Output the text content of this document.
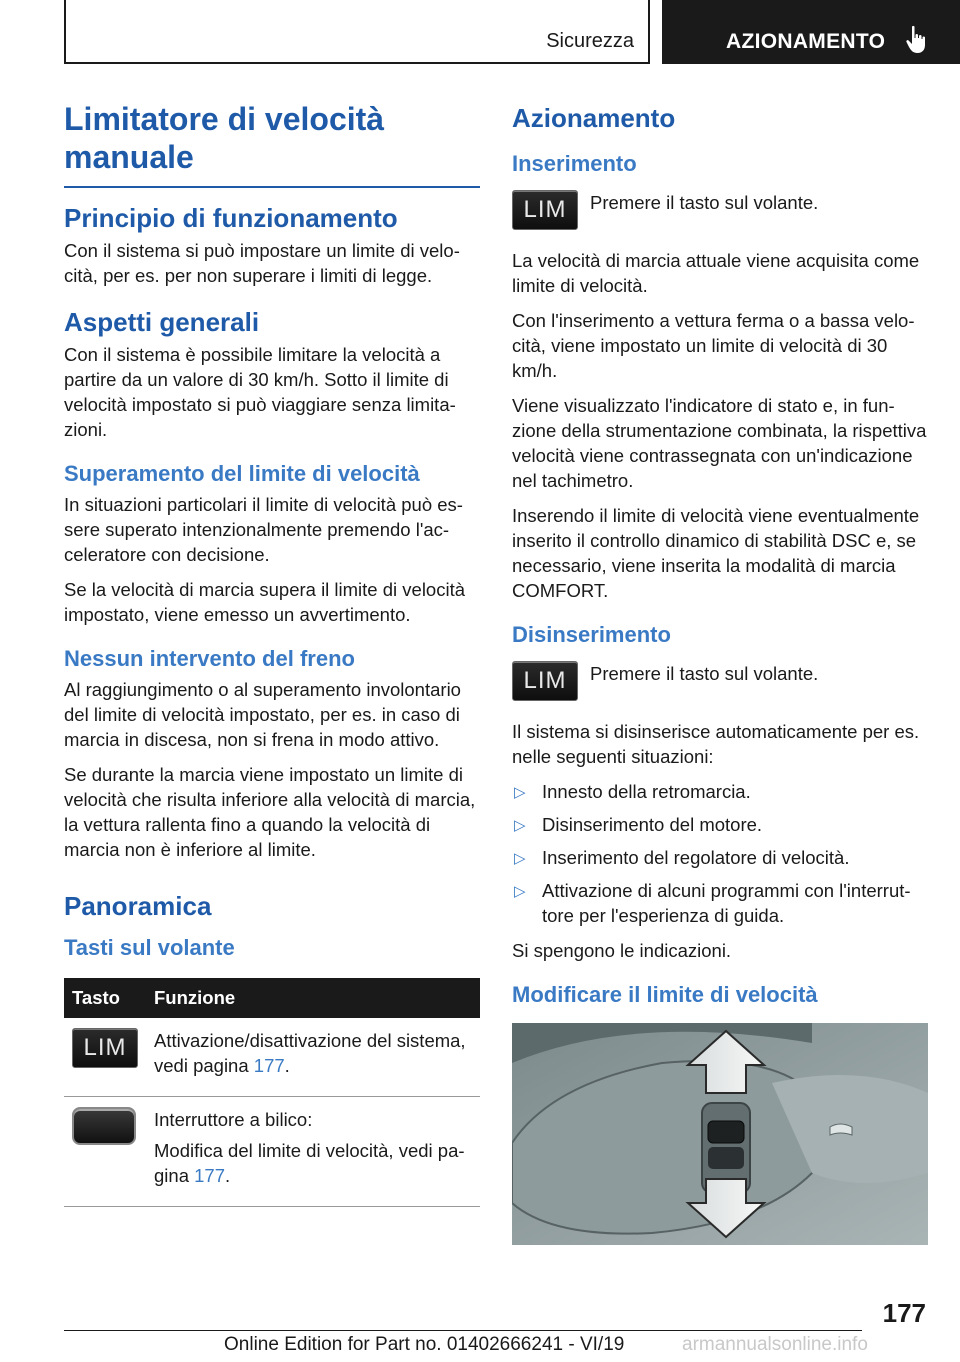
Sicurezza	AZIONAMENTO
Limitatore di velocità
manuale
Principio di funzionamento

Con il sistema si può impostare un limite di velocità, per es. per non superare i limiti di legge.

Aspetti generali

Con il sistema è possibile limitare la velocità a partire da un valore di 30 km/h. Sotto il limite di velocità impostato si può viaggiare senza limitazioni.

Superamento del limite di velocità

In situazioni particolari il limite di velocità può essere superato intenzionalmente premendo l'acceleratore con decisione.

Se la velocità di marcia supera il limite di velocità impostato, viene emesso un avvertimento.

Nessun intervento del freno

Al raggiungimento o al superamento involontario del limite di velocità impostato, per es. in caso di marcia in discesa, non si frena in modo attivo.

Se durante la marcia viene impostato un limite di velocità che risulta inferiore alla velocità di marcia, la vettura rallenta fino a quando la velocità di marcia non è inferiore al limite.

Panoramica
Tasti sul volante
Tasto	Funzione

LIM	Attivazione/disattivazione del sistema, vedi pagina 177.

	Interruttore a bilico:

Modifica del limite di velocità, vedi pagina 177.

Azionamento
Inserimento
LIM	Premere il tasto sul volante.

La velocità di marcia attuale viene acquisita come limite di velocità.

Con l'inserimento a vettura ferma o a bassa velocità, viene impostato un limite di velocità di 30 km/h.

Viene visualizzato l'indicatore di stato e, in funzione della strumentazione combinata, la rispettiva velocità viene contrassegnata con un'indicazione nel tachimetro.

Inserendo il limite di velocità viene eventualmente inserito il controllo dinamico di stabilità DSC e, se necessario, viene inserita la modalità di marcia COMFORT.

Disinserimento
LIM	Premere il tasto sul volante.

Il sistema si disinserisce automaticamente per es. nelle seguenti situazioni:

▷ Innesto della retromarcia.
▷ Disinserimento del motore.
▷ Inserimento del regolatore di velocità.
▷ Attivazione di alcuni programmi con l'interruttore per l'esperienza di guida.

Si spengono le indicazioni.

Modificare il limite di velocità
177
Online Edition for Part no. 01402666241 - VI/19	armannualsonline.info
